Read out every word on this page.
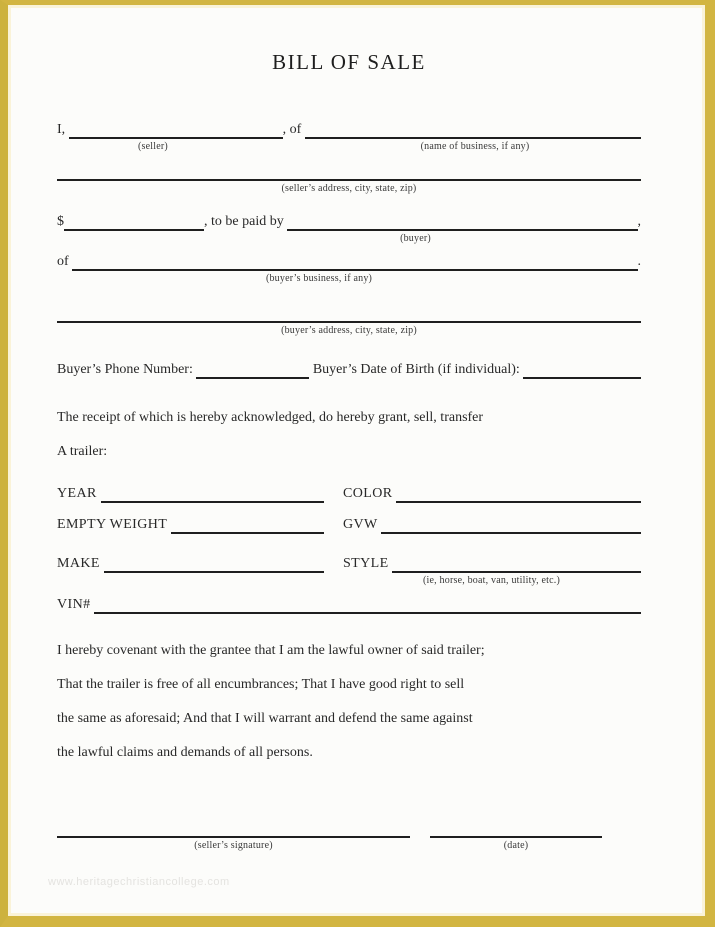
BILL OF SALE
I,	, of
(seller)	(name of business, if any)
(seller’s address, city, state, zip)
$	, to be paid by	,
(buyer)
of	.
(buyer’s business, if any)
(buyer’s address, city, state, zip)
Buyer’s Phone Number:	Buyer’s Date of Birth (if individual):

The receipt of which is hereby acknowledged, do hereby grant, sell, transfer

A trailer:

YEAR	COLOR
EMPTY WEIGHT	GVW
MAKE	STYLE
(ie, horse, boat, van, utility, etc.)
VIN#

I hereby covenant with the grantee that I am the lawful owner of said trailer;

That the trailer is free of all encumbrances; That I have good right to sell

the same as aforesaid; And that I will warrant and defend the same against

the lawful claims and demands of all persons.

(seller’s signature)	(date)
www.heritagechristiancollege.com
